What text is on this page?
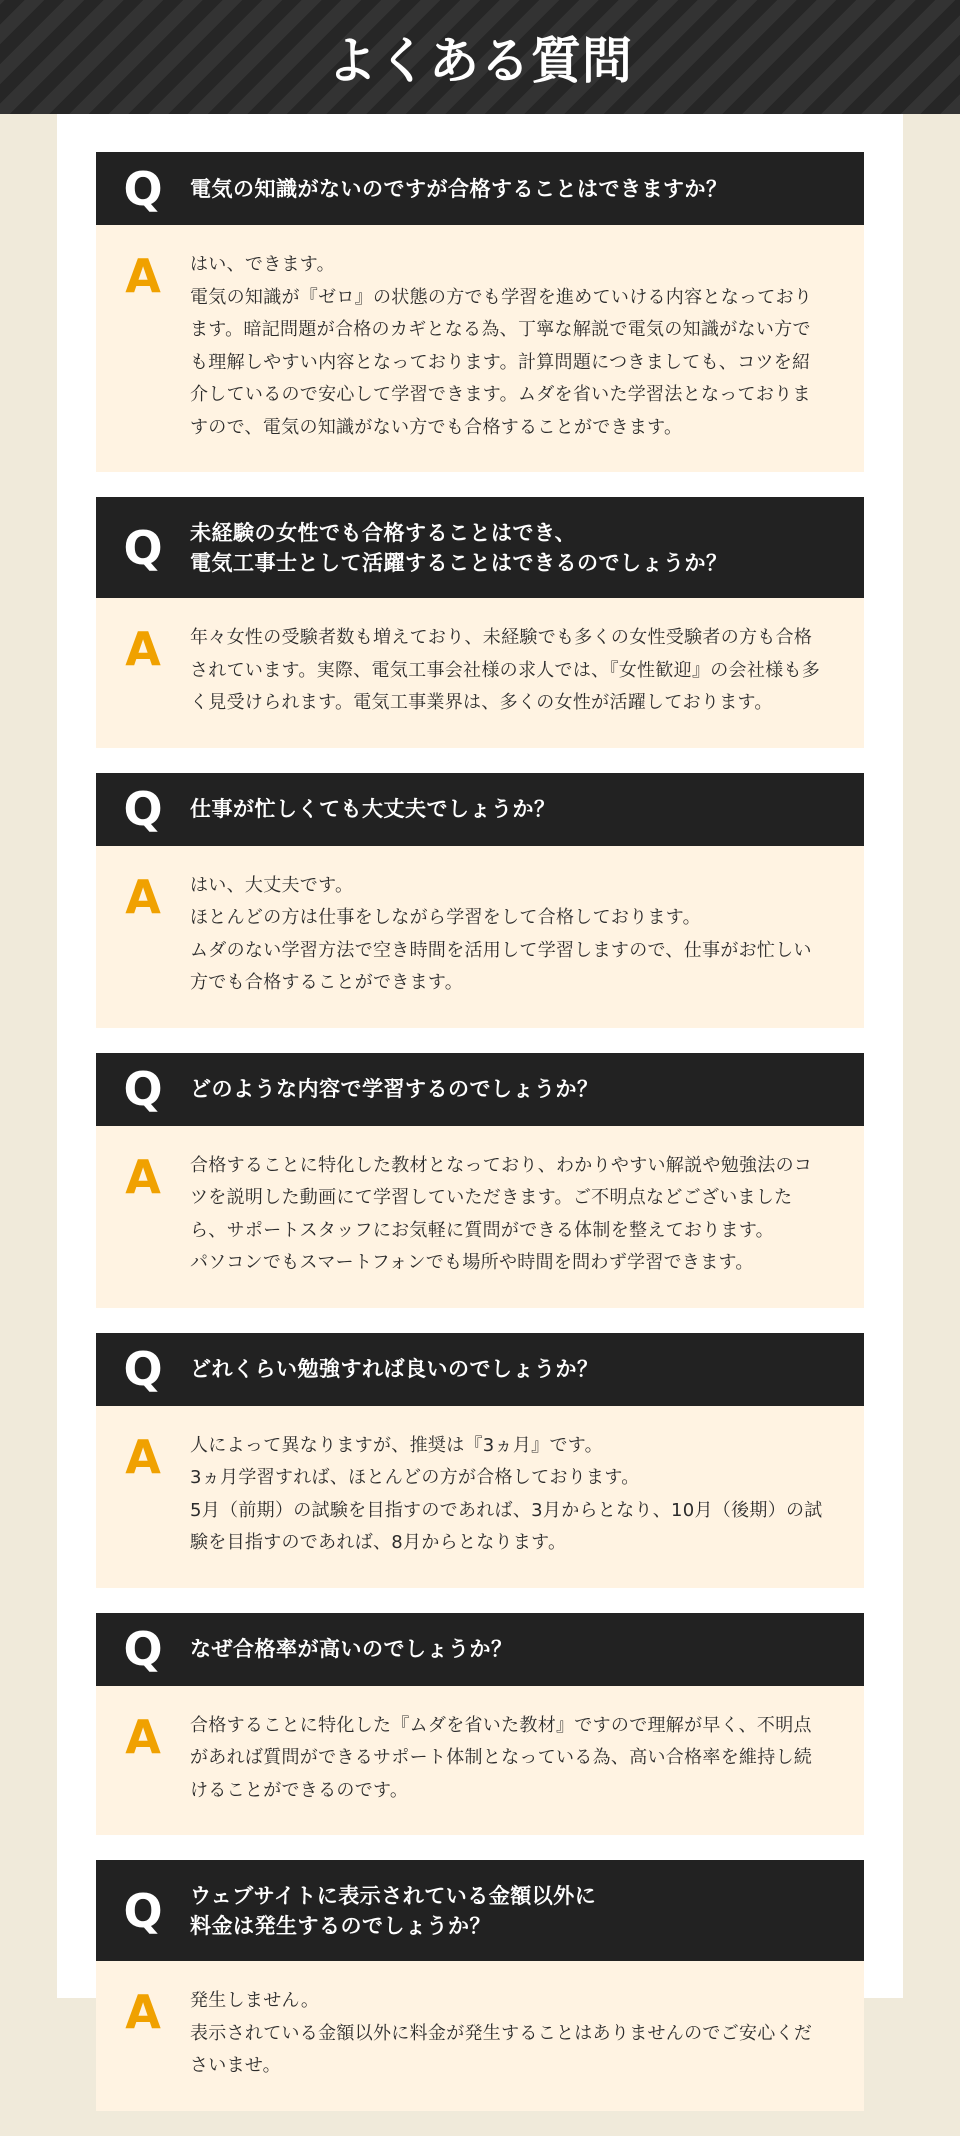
よくある質問
Q	電気の知識がないのですが合格することはできますか？
A	はい、できます。
電気の知識が『ゼロ』の状態の方でも学習を進めていける内容となっております。暗記問題が合格のカギとなる為、丁寧な解説で電気の知識がない方でも理解しやすい内容となっております。計算問題につきましても、コツを紹介しているので安心して学習できます。ムダを省いた学習法となっておりますので、電気の知識がない方でも合格することができます。
Q	未経験の女性でも合格することはでき、
電気工事士として活躍することはできるのでしょうか？
A	年々女性の受験者数も増えており、未経験でも多くの女性受験者の方も合格されています。実際、電気工事会社様の求人では、『女性歓迎』の会社様も多く見受けられます。電気工事業界は、多くの女性が活躍しております。
Q	仕事が忙しくても大丈夫でしょうか？
A	はい、大丈夫です。
ほとんどの方は仕事をしながら学習をして合格しております。
ムダのない学習方法で空き時間を活用して学習しますので、仕事がお忙しい方でも合格することができます。
Q	どのような内容で学習するのでしょうか？
A	合格することに特化した教材となっており、わかりやすい解説や勉強法のコツを説明した動画にて学習していただきます。ご不明点などございましたら、サポートスタッフにお気軽に質問ができる体制を整えております。
パソコンでもスマートフォンでも場所や時間を問わず学習できます。
Q	どれくらい勉強すれば良いのでしょうか？
A	人によって異なりますが、推奨は『3ヵ月』です。
3ヵ月学習すれば、ほとんどの方が合格しております。
5月（前期）の試験を目指すのであれば、3月からとなり、10月（後期）の試験を目指すのであれば、8月からとなります。
Q	なぜ合格率が高いのでしょうか？
A	合格することに特化した『ムダを省いた教材』ですので理解が早く、不明点があれば質問ができるサポート体制となっている為、高い合格率を維持し続けることができるのです。
Q	ウェブサイトに表示されている金額以外に
料金は発生するのでしょうか？
A	発生しません。
表示されている金額以外に料金が発生することはありませんのでご安心くださいませ。
